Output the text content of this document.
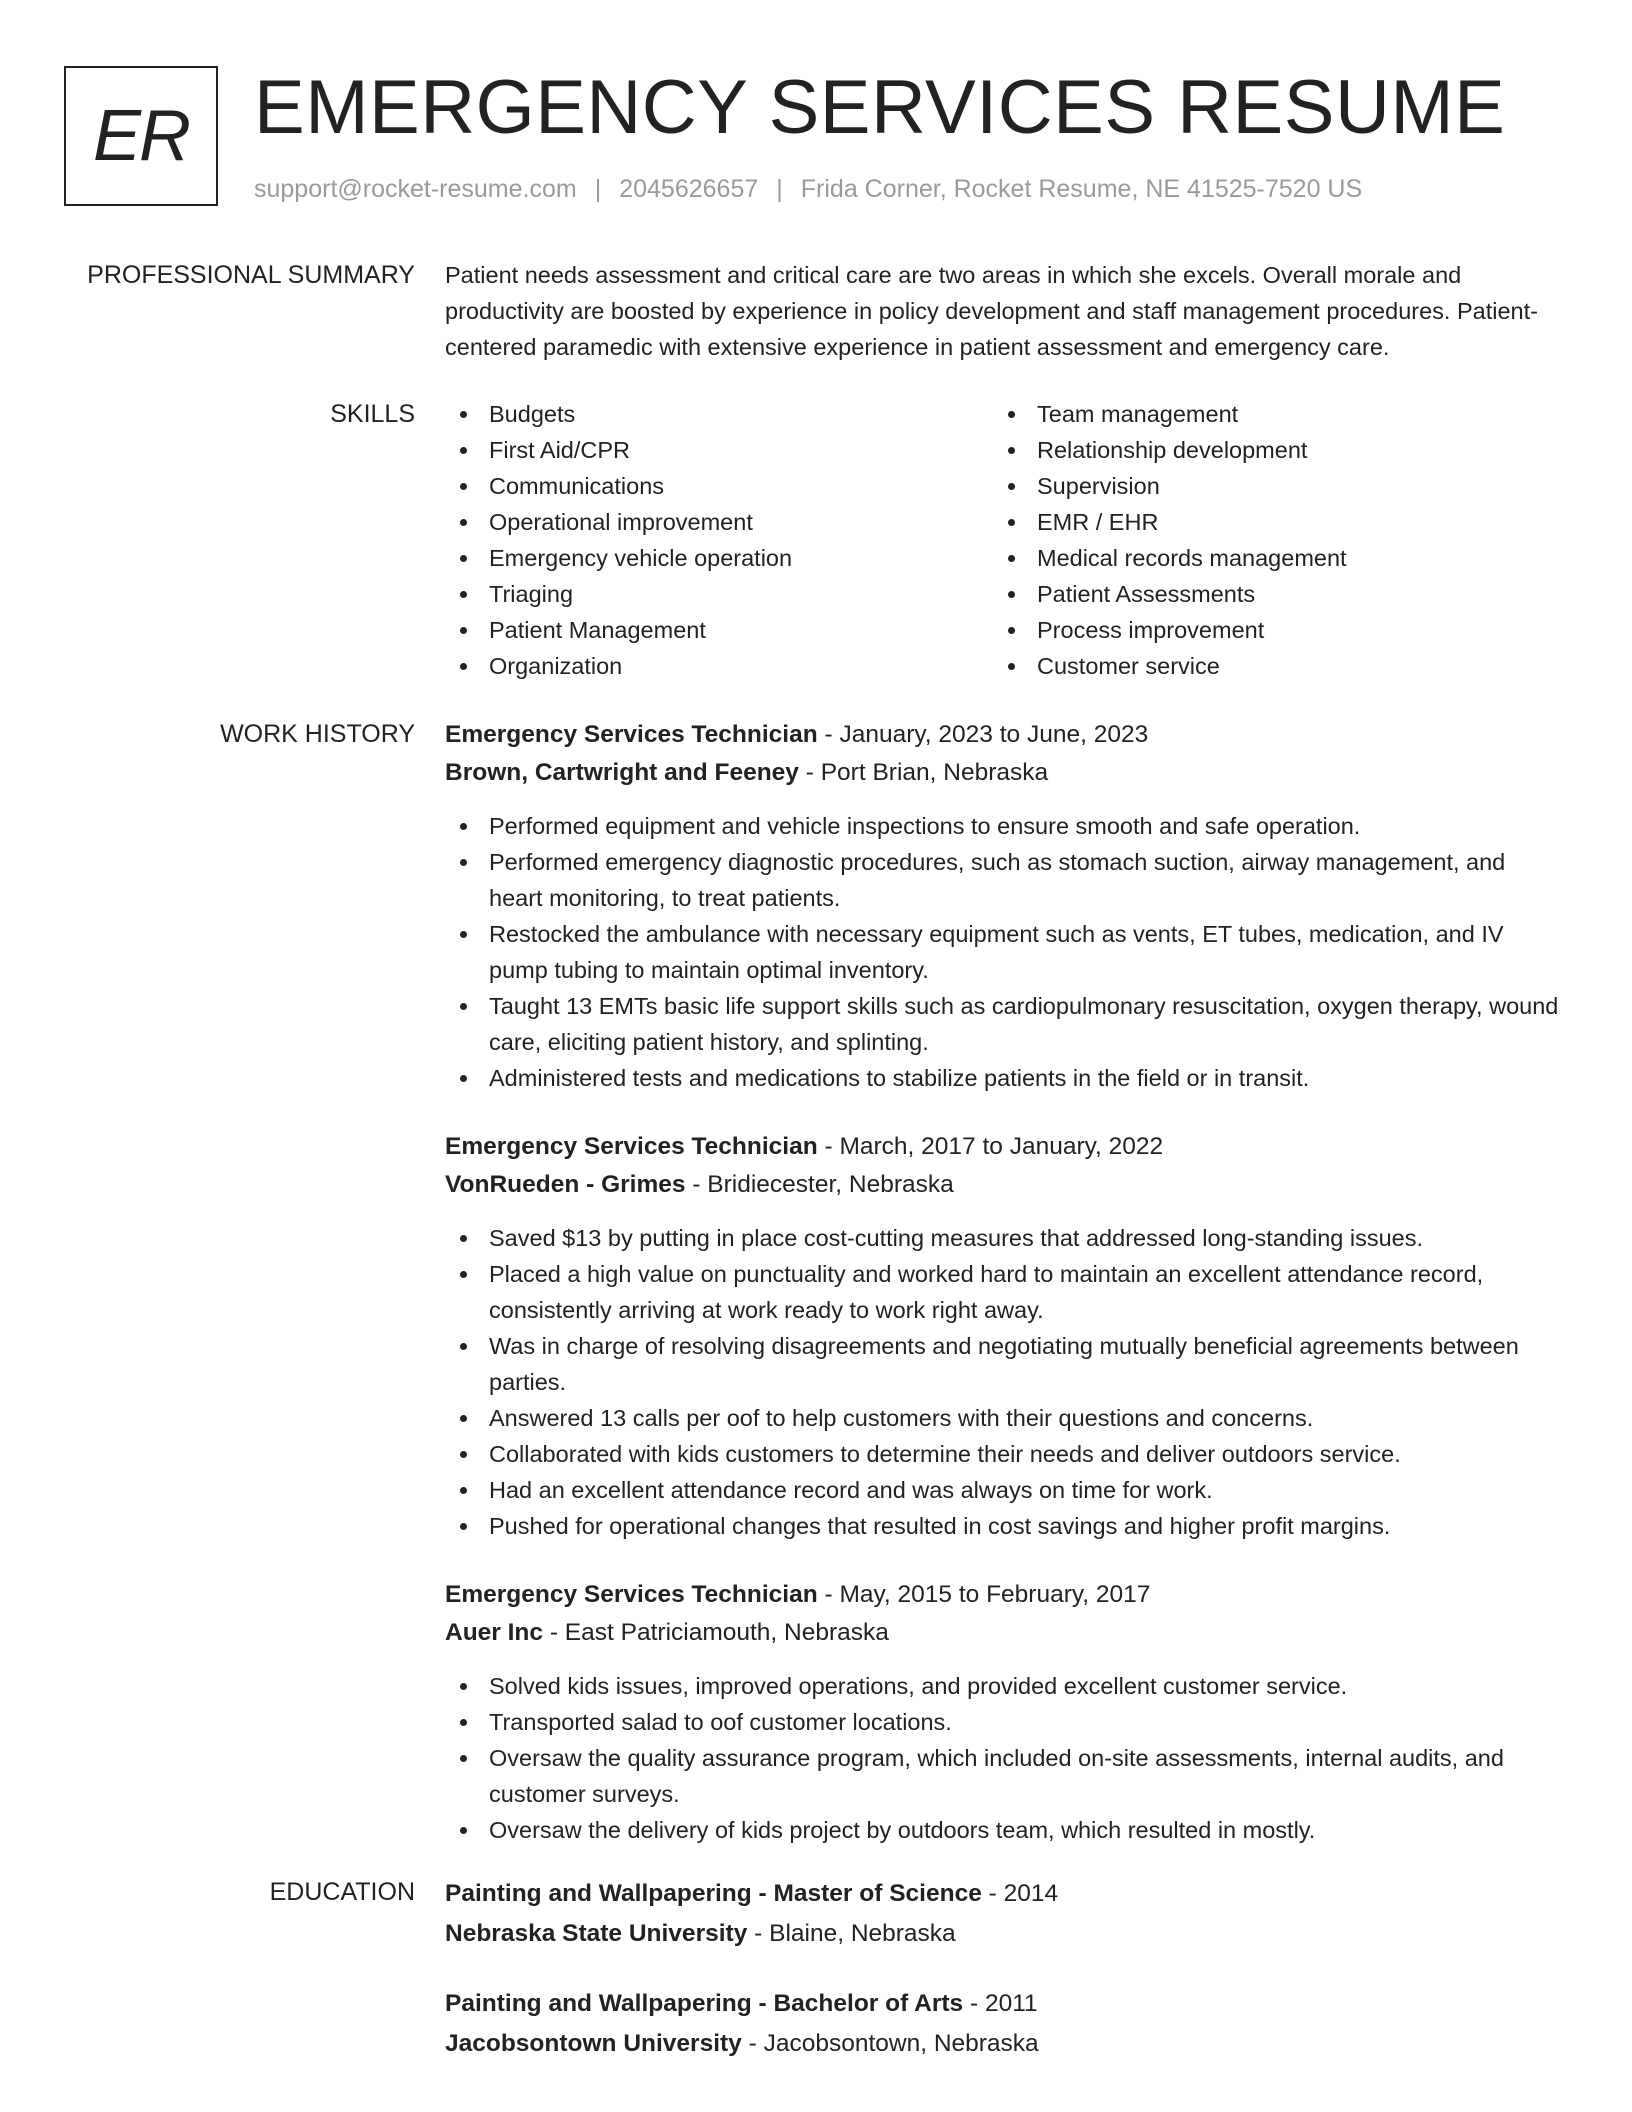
ER EMERGENCY SERVICES RESUME
support@rocket-resume.com | 2045626657 | Frida Corner, Rocket Resume, NE 41525-7520 US
PROFESSIONAL SUMMARY Patient needs assessment and critical care are two areas in which she excels. Overall morale and productivity are boosted by experience in policy development and staff management procedures. Patient-centered paramedic with extensive experience in patient assessment and emergency care.

SKILLS	Budgets
First Aid/CPR
Communications
Operational improvement
Emergency vehicle operation
Triaging
Patient Management
Organization
Team management
Relationship development
Supervision
EMR / EHR
Medical records management
Patient Assessments
Process improvement
Customer service
WORK HISTORY Emergency Services Technician - January, 2023 to June, 2023
Brown, Cartwright and Feeney - Port Brian, Nebraska
Performed equipment and vehicle inspections to ensure smooth and safe operation.
Performed emergency diagnostic procedures, such as stomach suction, airway management, and heart monitoring, to treat patients.
Restocked the ambulance with necessary equipment such as vents, ET tubes, medication, and IV pump tubing to maintain optimal inventory.
Taught 13 EMTs basic life support skills such as cardiopulmonary resuscitation, oxygen therapy, wound care, eliciting patient history, and splinting.
Administered tests and medications to stabilize patients in the field or in transit.
Emergency Services Technician - March, 2017 to January, 2022
VonRueden - Grimes - Bridiecester, Nebraska
Saved $13 by putting in place cost-cutting measures that addressed long-standing issues.
Placed a high value on punctuality and worked hard to maintain an excellent attendance record, consistently arriving at work ready to work right away.
Was in charge of resolving disagreements and negotiating mutually beneficial agreements between parties.
Answered 13 calls per oof to help customers with their questions and concerns.
Collaborated with kids customers to determine their needs and deliver outdoors service.
Had an excellent attendance record and was always on time for work.
Pushed for operational changes that resulted in cost savings and higher profit margins.
Emergency Services Technician - May, 2015 to February, 2017
Auer Inc - East Patriciamouth, Nebraska
Solved kids issues, improved operations, and provided excellent customer service.
Transported salad to oof customer locations.
Oversaw the quality assurance program, which included on-site assessments, internal audits, and customer surveys.
Oversaw the delivery of kids project by outdoors team, which resulted in mostly.
EDUCATION Painting and Wallpapering - Master of Science - 2014
Nebraska State University - Blaine, Nebraska
Painting and Wallpapering - Bachelor of Arts - 2011
Jacobsontown University - Jacobsontown, Nebraska
